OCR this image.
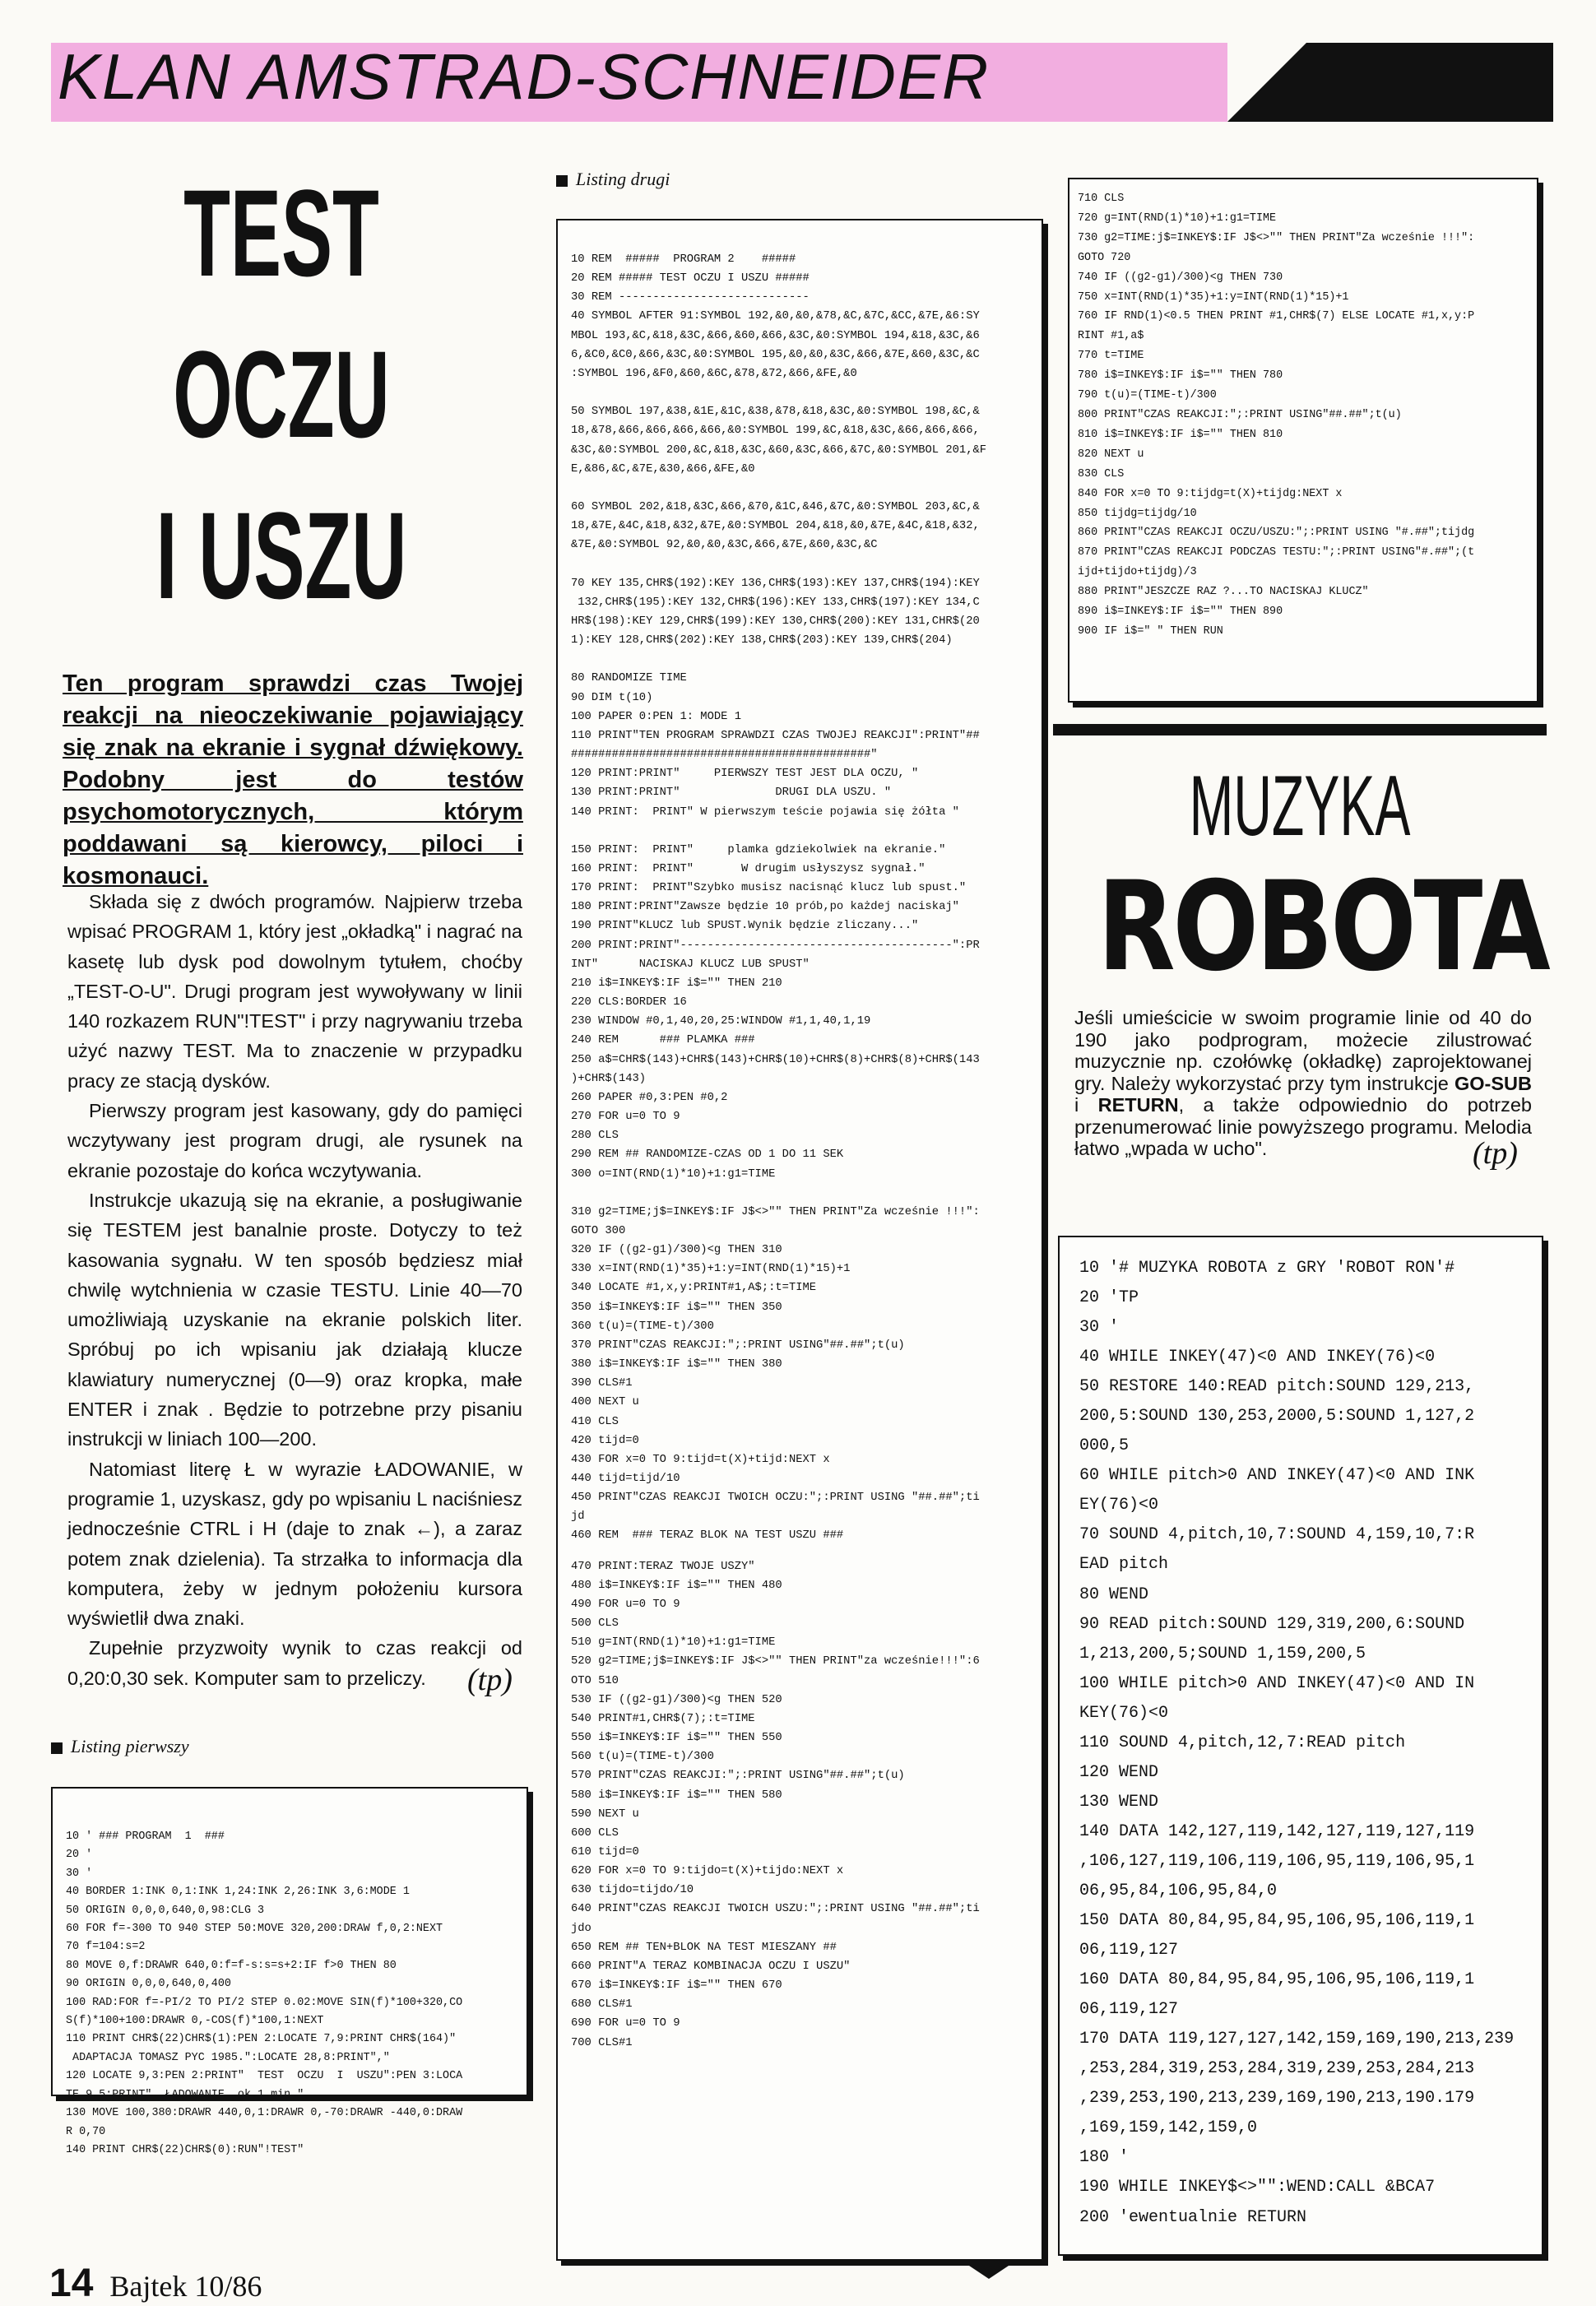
KLAN AMSTRAD-SCHNEIDER
TEST
OCZU
I USZU
Ten program sprawdzi czas Twojej reakcji na nieoczekiwanie pojawiający się znak na ekranie i sygnał dźwiękowy. Podobny jest do testów psychomotorycznych, którym poddawani są kierowcy, piloci i kosmonauci.

Składa się z dwóch programów. Najpierw trzeba wpisać PROGRAM 1, który jest „okładką" i nagrać na kasetę lub dysk pod dowolnym tytułem, choćby „TEST-O-U". Drugi program jest wywoływany w linii 140 rozkazem RUN"!TEST" i przy nagrywaniu trzeba użyć nazwy TEST. Ma to znaczenie w przypadku pracy ze stacją dysków.

Pierwszy program jest kasowany, gdy do pamięci wczytywany jest program drugi, ale rysunek na ekranie pozostaje do końca wczytywania.

Instrukcje ukazują się na ekranie, a posługiwanie się TESTEM jest banalnie proste. Dotyczy to też kasowania sygnału. W ten sposób będziesz miał chwilę wytchnienia w czasie TESTU. Linie 40—70 umożliwiają uzyskanie na ekranie polskich liter. Spróbuj po ich wpisaniu jak działają klucze klawiatury numerycznej (0—9) oraz kropka, małe ENTER i znak . Będzie to potrzebne przy pisaniu instrukcji w liniach 100—200.

Natomiast literę Ł w wyrazie ŁADOWANIE, w programie 1, uzyskasz, gdy po wpisaniu L naciśniesz jednocześnie CTRL i H (daje to znak ←), a zaraz potem znak dzielenia). Ta strzałka to informacja dla komputera, żeby w jednym położeniu kursora wyświetlił dwa znaki.

Zupełnie przyzwoity wynik to czas reakcji od 0,20:0,30 sek. Komputer sam to przeliczy.	(tp)
Listing pierwszy
10 ' ### PROGRAM  1  ###
20 '
30 '
40 BORDER 1:INK 0,1:INK 1,24:INK 2,26:INK 3,6:MODE 1
50 ORIGIN 0,0,0,640,0,98:CLG 3
60 FOR f=-300 TO 940 STEP 50:MOVE 320,200:DRAW f,0,2:NEXT
70 f=104:s=2
80 MOVE 0,f:DRAWR 640,0:f=f-s:s=s+2:IF f>0 THEN 80
90 ORIGIN 0,0,0,640,0,400
100 RAD:FOR f=-PI/2 TO PI/2 STEP 0.02:MOVE SIN(f)*100+320,CO
S(f)*100+100:DRAWR 0,-COS(f)*100,1:NEXT
110 PRINT CHR$(22)CHR$(1):PEN 2:LOCATE 7,9:PRINT CHR$(164)"
ADAPTACJA TOMASZ PYC 1985.":LOCATE 28,8:PRINT","
120 LOCATE 9,3:PEN 2:PRINT"  TEST  OCZU  I  USZU":PEN 3:LOCA
TE 9,5:PRINT"  ŁADOWANIE  ok.1 min."
130 MOVE 100,380:DRAWR 440,0,1:DRAWR 0,-70:DRAWR -440,0:DRAW
R 0,70
140 PRINT CHR$(22)CHR$(0):RUN"!TEST"
Listing drugi
10 REM  #####  PROGRAM 2    #####
20 REM ##### TEST OCZU I USZU #####
30 REM ----------------------------
40 SYMBOL AFTER 91:SYMBOL 192,&0,&0,&78,&C,&7C,&CC,&7E,&6:SY
MBOL 193,&C,&18,&3C,&66,&60,&66,&3C,&0:SYMBOL 194,&18,&3C,&6
6,&C0,&C0,&66,&3C,&0:SYMBOL 195,&0,&0,&3C,&66,&7E,&60,&3C,&C
:SYMBOL 196,&F0,&60,&6C,&78,&72,&66,&FE,&0

50 SYMBOL 197,&38,&1E,&1C,&38,&78,&18,&3C,&0:SYMBOL 198,&C,&
18,&78,&66,&66,&66,&66,&0:SYMBOL 199,&C,&18,&3C,&66,&66,&66,
&3C,&0:SYMBOL 200,&C,&18,&3C,&60,&3C,&66,&7C,&0:SYMBOL 201,&F
E,&86,&C,&7E,&30,&66,&FE,&0

60 SYMBOL 202,&18,&3C,&66,&70,&1C,&46,&7C,&0:SYMBOL 203,&C,&
18,&7E,&4C,&18,&32,&7E,&0:SYMBOL 204,&18,&0,&7E,&4C,&18,&32,
&7E,&0:SYMBOL 92,&0,&0,&3C,&66,&7E,&60,&3C,&C

70 KEY 135,CHR$(192):KEY 136,CHR$(193):KEY 137,CHR$(194):KEY
132,CHR$(195):KEY 132,CHR$(196):KEY 133,CHR$(197):KEY 134,C
HR$(198):KEY 129,CHR$(199):KEY 130,CHR$(200):KEY 131,CHR$(20
1):KEY 128,CHR$(202):KEY 138,CHR$(203):KEY 139,CHR$(204)

80 RANDOMIZE TIME
90 DIM t(10)
100 PAPER 0:PEN 1: MODE 1
110 PRINT"TEN PROGRAM SPRAWDZI CZAS TWOJEJ REAKCJI":PRINT"##
############################################"
120 PRINT:PRINT"     PIERWSZY TEST JEST DLA OCZU, "
130 PRINT:PRINT"              DRUGI DLA USZU. "
140 PRINT:  PRINT" W pierwszym teście pojawia się żółta "

150 PRINT:  PRINT"     plamka gdziekolwiek na ekranie."
160 PRINT:  PRINT"       W drugim usłyszysz sygnał."
170 PRINT:  PRINT"Szybko musisz nacisnąć klucz lub spust."
180 PRINT:PRINT"Zawsze będzie 10 prób,po każdej naciskaj"
190 PRINT"KLUCZ lub SPUST.Wynik będzie zliczany..."
200 PRINT:PRINT"----------------------------------------":PR
INT"      NACISKAJ KLUCZ LUB SPUST"
210 i$=INKEY$:IF i$="" THEN 210
220 CLS:BORDER 16
230 WINDOW #0,1,40,20,25:WINDOW #1,1,40,1,19
240 REM      ### PLAMKA ###
250 a$=CHR$(143)+CHR$(143)+CHR$(10)+CHR$(8)+CHR$(8)+CHR$(143
)+CHR$(143)
260 PAPER #0,3:PEN #0,2
270 FOR u=0 TO 9
280 CLS
290 REM ## RANDOMIZE-CZAS OD 1 DO 11 SEK
300 o=INT(RND(1)*10)+1:g1=TIME

310 g2=TIME;j$=INKEY$:IF J$<>"" THEN PRINT"Za wcześnie !!!":
GOTO 300
320 IF ((g2-g1)/300)<g THEN 310
330 x=INT(RND(1)*35)+1:y=INT(RND(1)*15)+1
340 LOCATE #1,x,y:PRINT#1,A$;:t=TIME
350 i$=INKEY$:IF i$="" THEN 350
360 t(u)=(TIME-t)/300
370 PRINT"CZAS REAKCJI:";:PRINT USING"##.##";t(u)
380 i$=INKEY$:IF i$="" THEN 380
390 CLS#1
400 NEXT u
410 CLS
420 tijd=0
430 FOR x=0 TO 9:tijd=t(X)+tijd:NEXT x
440 tijd=tijd/10
450 PRINT"CZAS REAKCJI TWOICH OCZU:";:PRINT USING "##.##";ti
jd
460 REM  ### TERAZ BLOK NA TEST USZU ###
470 PRINT:TERAZ TWOJE USZY"
480 i$=INKEY$:IF i$="" THEN 480
490 FOR u=0 TO 9
500 CLS
510 g=INT(RND(1)*10)+1:g1=TIME
520 g2=TIME;j$=INKEY$:IF J$<>"" THEN PRINT"za wcześnie!!!":6
OTO 510
530 IF ((g2-g1)/300)<g THEN 520
540 PRINT#1,CHR$(7);:t=TIME
550 i$=INKEY$:IF i$="" THEN 550
560 t(u)=(TIME-t)/300
570 PRINT"CZAS REAKCJI:";:PRINT USING"##.##";t(u)
580 i$=INKEY$:IF i$="" THEN 580
590 NEXT u
600 CLS
610 tijd=0
620 FOR x=0 TO 9:tijdo=t(X)+tijdo:NEXT x
630 tijdo=tijdo/10
640 PRINT"CZAS REAKCJI TWOICH USZU:";:PRINT USING "##.##";ti
jdo
650 REM ## TEN+BLOK NA TEST MIESZANY ##
660 PRINT"A TERAZ KOMBINACJA OCZU I USZU"
670 i$=INKEY$:IF i$="" THEN 670
680 CLS#1
690 FOR u=0 TO 9
700 CLS#1
710 CLS
720 g=INT(RND(1)*10)+1:g1=TIME
730 g2=TIME:j$=INKEY$:IF J$<>"" THEN PRINT"Za wcześnie !!!":
GOTO 720
740 IF ((g2-g1)/300)<g THEN 730
750 x=INT(RND(1)*35)+1:y=INT(RND(1)*15)+1
760 IF RND(1)<0.5 THEN PRINT #1,CHR$(7) ELSE LOCATE #1,x,y:P
RINT #1,a$
770 t=TIME
780 i$=INKEY$:IF i$="" THEN 780
790 t(u)=(TIME-t)/300
800 PRINT"CZAS REAKCJI:";:PRINT USING"##.##";t(u)
810 i$=INKEY$:IF i$="" THEN 810
820 NEXT u
830 CLS
840 FOR x=0 TO 9:tijdg=t(X)+tijdg:NEXT x
850 tijdg=tijdg/10
860 PRINT"CZAS REAKCJI OCZU/USZU:";:PRINT USING "#.##";tijdg
870 PRINT"CZAS REAKCJI PODCZAS TESTU:";:PRINT USING"#.##";(t
ijd+tijdo+tijdg)/3
880 PRINT"JESZCZE RAZ ?...TO NACISKAJ KLUCZ"
890 i$=INKEY$:IF i$="" THEN 890
900 IF i$=" " THEN RUN
MUZYKA
ROBOTA
Jeśli umieścicie w swoim programie linie od 40 do 190 jako podprogram, możecie zilustrować muzycznie np. czołówkę (okładkę) zaprojektowanej gry. Należy wykorzystać przy tym instrukcje GO-SUB i RETURN, a także odpowiednio do potrzeb przenumerować linie powyższego programu. Melodia łatwo „wpada w ucho".	(tp)
10 '# MUZYKA ROBOTA z GRY 'ROBOT RON'#
20 'TP
30 '
40 WHILE INKEY(47)<0 AND INKEY(76)<0
50 RESTORE 140:READ pitch:SOUND 129,213,
200,5:SOUND 130,253,2000,5:SOUND 1,127,2
000,5
60 WHILE pitch>0 AND INKEY(47)<0 AND INK
EY(76)<0
70 SOUND 4,pitch,10,7:SOUND 4,159,10,7:R
EAD pitch
80 WEND
90 READ pitch:SOUND 129,319,200,6:SOUND
1,213,200,5;SOUND 1,159,200,5
100 WHILE pitch>0 AND INKEY(47)<0 AND IN
KEY(76)<0
110 SOUND 4,pitch,12,7:READ pitch
120 WEND
130 WEND
140 DATA 142,127,119,142,127,119,127,119
,106,127,119,106,119,106,95,119,106,95,1
06,95,84,106,95,84,0
150 DATA 80,84,95,84,95,106,95,106,119,1
06,119,127
160 DATA 80,84,95,84,95,106,95,106,119,1
06,119,127
170 DATA 119,127,127,142,159,169,190,213,239
,253,284,319,253,284,319,239,253,284,213
,239,253,190,213,239,169,190,213,190.179
,169,159,142,159,0
180 '
190 WHILE INKEY$<>"":WEND:CALL &BCA7
200 'ewentualnie RETURN
14 Bajtek 10/86
